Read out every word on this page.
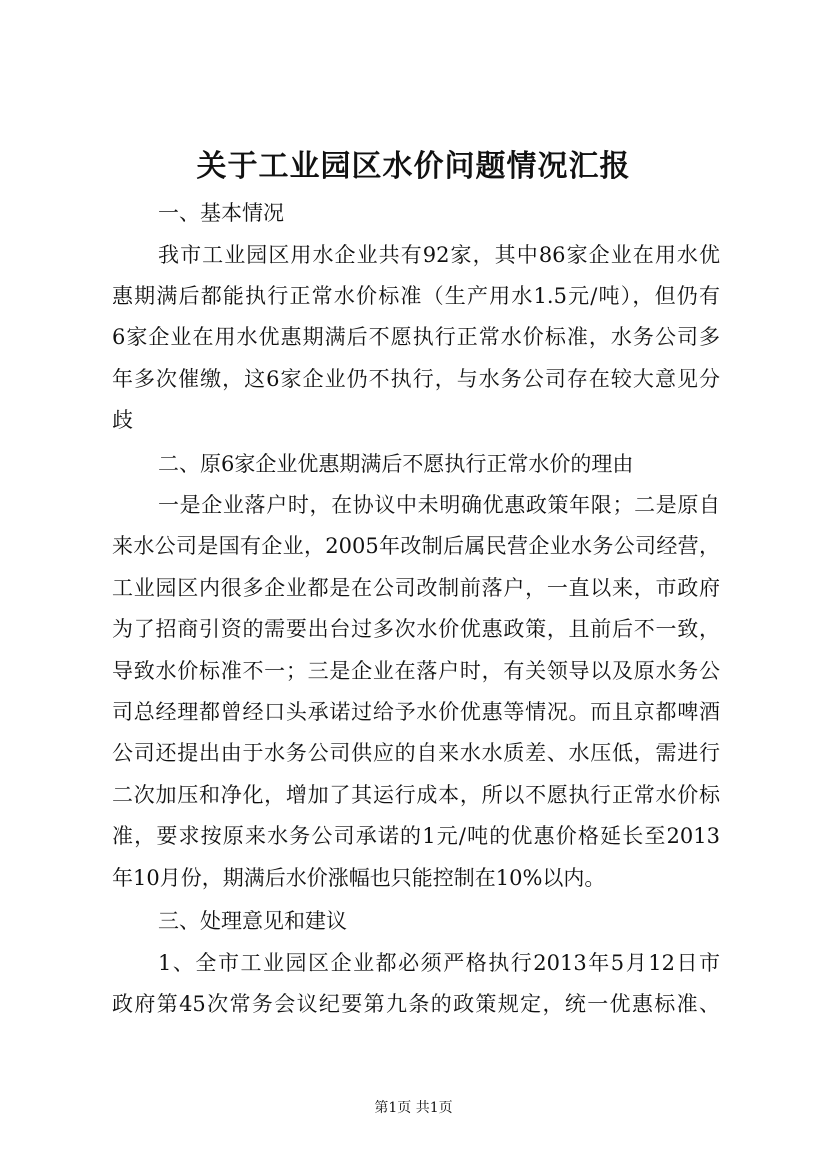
关于工业园区水价问题情况汇报
一、基本情况
我市工业园区用水企业共有92家，其中86家企业在用水优
惠期满后都能执行正常水价标准（生产用水1.5元/吨），但仍有
6家企业在用水优惠期满后不愿执行正常水价标准，水务公司多
年多次催缴，这6家企业仍不执行，与水务公司存在较大意见分
歧
二、原6家企业优惠期满后不愿执行正常水价的理由
一是企业落户时，在协议中未明确优惠政策年限；二是原自
来水公司是国有企业，2005年改制后属民营企业水务公司经营，
工业园区内很多企业都是在公司改制前落户，一直以来，市政府
为了招商引资的需要出台过多次水价优惠政策，且前后不一致，
导致水价标准不一；三是企业在落户时，有关领导以及原水务公
司总经理都曾经口头承诺过给予水价优惠等情况。而且京都啤酒
公司还提出由于水务公司供应的自来水水质差、水压低，需进行
二次加压和净化，增加了其运行成本，所以不愿执行正常水价标
准，要求按原来水务公司承诺的1元/吨的优惠价格延长至2013
年10月份，期满后水价涨幅也只能控制在10%以内。
三、处理意见和建议
1、全市工业园区企业都必须严格执行2013年5月12日市
政府第45次常务会议纪要第九条的政策规定，统一优惠标准、
第1页 共1页
